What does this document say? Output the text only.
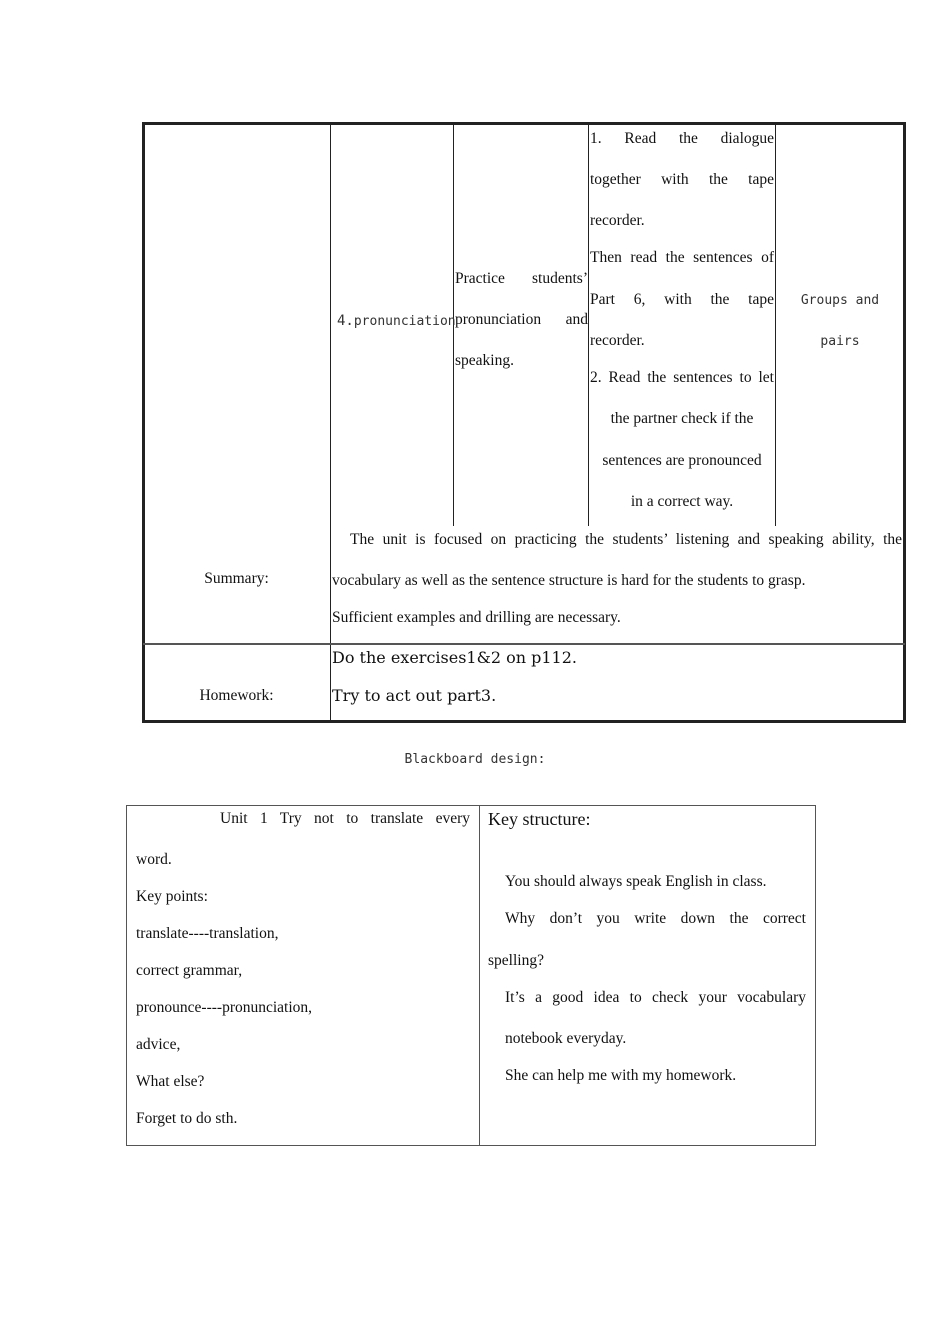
4.pronunciation
Practice students’
pronunciation and
speaking.
1. Read the dialogue
together with the tape
recorder.
Then read the sentences of
Part 6, with the tape
recorder.
2. Read the sentences to let
the partner check if the
sentences are pronounced
in a correct way.
Groups and
pairs
Summary:
The unit is focused on practicing the students’ listening and speaking ability, the
vocabulary as well as the sentence structure is hard for the students to grasp.
Sufficient examples and drilling are necessary.
Homework:
Do the exercises1&2 on p112.
Try to act out part3.
Blackboard design:
Unit 1 Try not to translate every
word.
Key points:
translate----translation,
correct grammar,
pronounce----pronunciation,
advice,
What else?
Forget to do sth.
Key structure:
You should always speak English in class.
Why don’t you write down the correct
spelling?
It’s a good idea to check your vocabulary
notebook everyday.
She can help me with my homework.
